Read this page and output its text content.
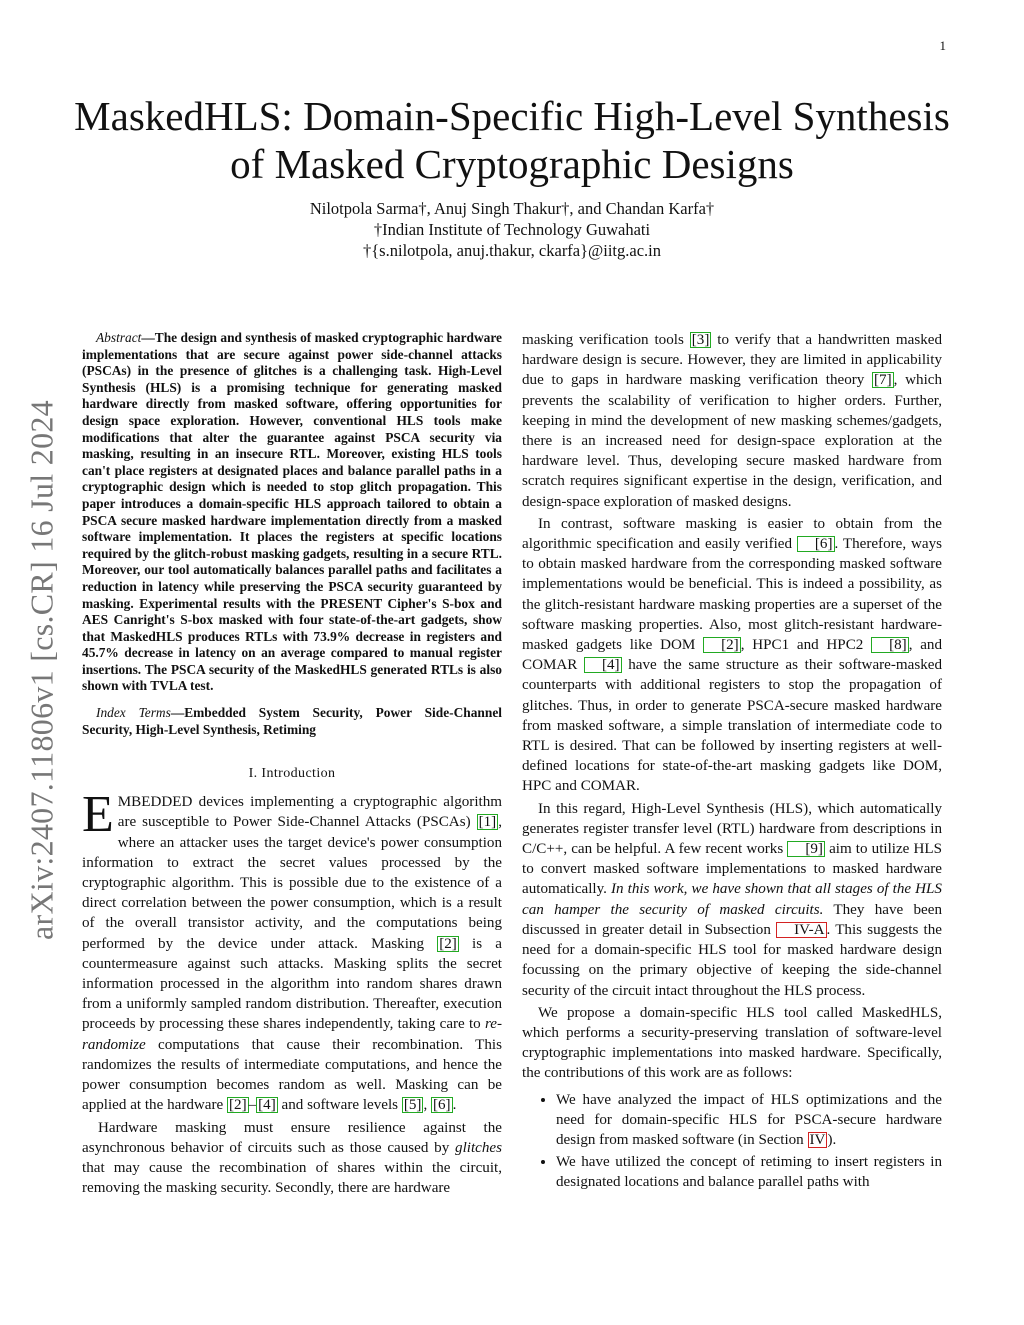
1
arXiv:2407.11806v1 [cs.CR] 16 Jul 2024
MaskedHLS: Domain-Specific High-Level Synthesis
of Masked Cryptographic Designs
Nilotpola Sarma†, Anuj Singh Thakur†, and Chandan Karfa†
†Indian Institute of Technology Guwahati
†{s.nilotpola, anuj.thakur, ckarfa}@iitg.ac.in

Abstract—The design and synthesis of masked cryptographic hardware implementations that are secure against power side-channel attacks (PSCAs) in the presence of glitches is a challenging task. High-Level Synthesis (HLS) is a promising technique for generating masked hardware directly from masked software, offering opportunities for design space exploration. However, conventional HLS tools make modifications that alter the guarantee against PSCA security via masking, resulting in an insecure RTL. Moreover, existing HLS tools can't place registers at designated places and balance parallel paths in a cryptographic design which is needed to stop glitch propagation. This paper introduces a domain-specific HLS approach tailored to obtain a PSCA secure masked hardware implementation directly from a masked software implementation. It places the registers at specific locations required by the glitch-robust masking gadgets, resulting in a secure RTL. Moreover, our tool automatically balances parallel paths and facilitates a reduction in latency while preserving the PSCA security guaranteed by masking. Experimental results with the PRESENT Cipher's S-box and AES Canright's S-box masked with four state-of-the-art gadgets, show that MaskedHLS produces RTLs with 73.9% decrease in registers and 45.7% decrease in latency on an average compared to manual register insertions. The PSCA security of the MaskedHLS generated RTLs is also shown with TVLA test.

Index Terms—Embedded System Security, Power Side-Channel Security, High-Level Synthesis, Retiming

I. Introduction

EMBEDDED devices implementing a cryptographic algorithm are susceptible to Power Side-Channel Attacks (PSCAs) [1] , where an attacker uses the target device's power consumption information to extract the secret values processed by the cryptographic algorithm. This is possible due to the existence of a direct correlation between the power consumption, which is a result of the overall transistor activity, and the computations being performed by the device under attack. Masking [2] is a countermeasure against such attacks. Masking splits the secret information processed in the algorithm into random shares drawn from a uniformly sampled random distribution. Thereafter, execution proceeds by processing these shares independently, taking care to re-randomize computations that cause their recombination. This randomizes the results of intermediate computations, and hence the power consumption becomes random as well. Masking can be applied at the hardware [2] – [4] and software levels [5] , [6] .

Hardware masking must ensure resilience against the asynchronous behavior of circuits such as those caused by glitches that may cause the recombination of shares within the circuit, removing the masking security. Secondly, there are hardware

masking verification tools [3] to verify that a handwritten masked hardware design is secure. However, they are limited in applicability due to gaps in hardware masking verification theory [7] , which prevents the scalability of verification to higher orders. Further, keeping in mind the development of new masking schemes/gadgets, there is an increased need for design-space exploration at the hardware level. Thus, developing secure masked hardware from scratch requires significant expertise in the design, verification, and design-space exploration of masked designs.

In contrast, software masking is easier to obtain from the algorithmic specification and easily verified [6] . Therefore, ways to obtain masked hardware from the corresponding masked software implementations would be beneficial. This is indeed a possibility, as the glitch-resistant hardware masking properties are a superset of the software masking properties. Also, most glitch-resistant hardware-masked gadgets like DOM [2] , HPC1 and HPC2 [8] , and COMAR [4] have the same structure as their software-masked counterparts with additional registers to stop the propagation of glitches. Thus, in order to generate PSCA-secure masked hardware from masked software, a simple translation of intermediate code to RTL is desired. That can be followed by inserting registers at well-defined locations for state-of-the-art masking gadgets like DOM, HPC and COMAR.

In this regard, High-Level Synthesis (HLS), which automatically generates register transfer level (RTL) hardware from descriptions in C/C++, can be helpful. A few recent works [9] aim to utilize HLS to convert masked software implementations to masked hardware automatically. In this work, we have shown that all stages of the HLS can hamper the security of masked circuits. They have been discussed in greater detail in Subsection IV-A . This suggests the need for a domain-specific HLS tool for masked hardware design focussing on the primary objective of keeping the side-channel security of the circuit intact throughout the HLS process.

We propose a domain-specific HLS tool called MaskedHLS, which performs a security-preserving translation of software-level cryptographic implementations into masked hardware. Specifically, the contributions of this work are as follows:

• We have analyzed the impact of HLS optimizations and the need for domain-specific HLS for PSCA-secure hardware design from masked software (in Section IV ).
• We have utilized the concept of retiming to insert registers in designated locations and balance parallel paths with
